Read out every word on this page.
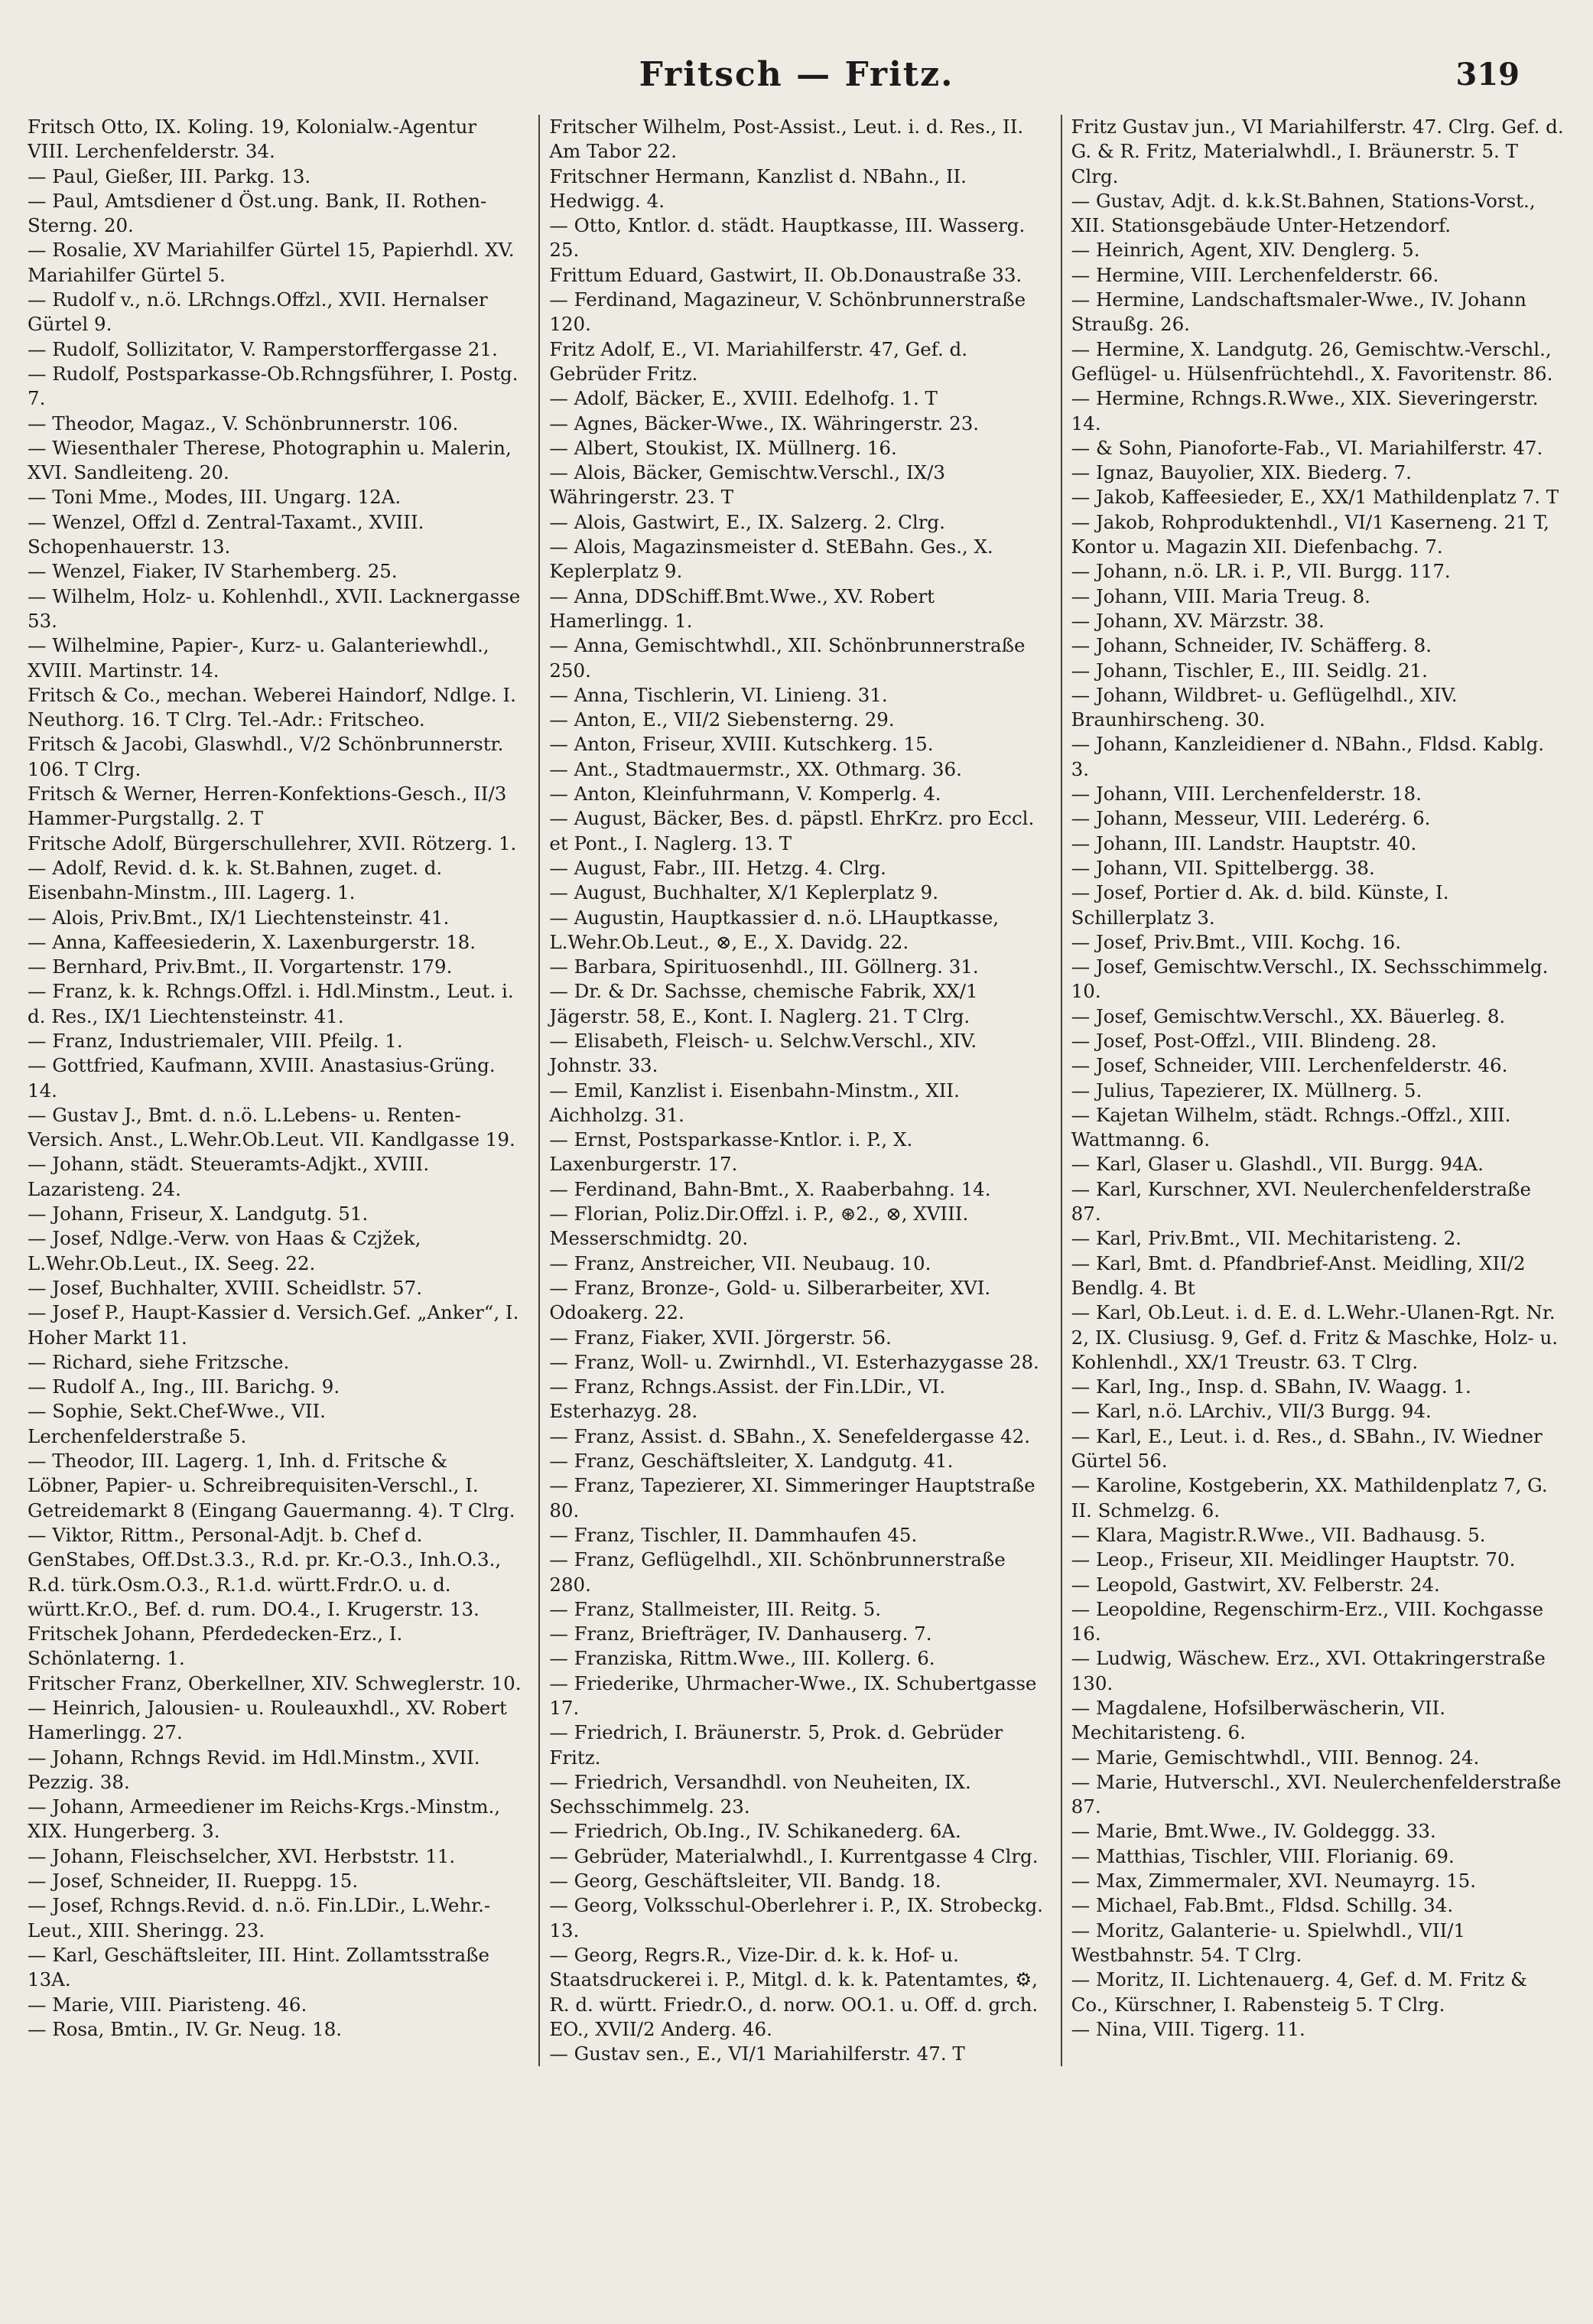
Fritsch — Fritz.	319
Fritsch Otto, IX. Koling. 19, Kolonialw.-Agentur VIII. Lerchenfelderstr. 34.
— Paul, Gießer, III. Parkg. 13.
— Paul, Amtsdiener d Öst.ung. Bank, II. Rothen-Sterng. 20.
— Rosalie, XV Mariahilfer Gürtel 15, Papierhdl. XV. Mariahilfer Gürtel 5.
— Rudolf v., n.ö. LRchngs.Offzl., XVII. Hernalser Gürtel 9.
— Rudolf, Sollizitator, V. Ramperstorffergasse 21.
— Rudolf, Postsparkasse-Ob.Rchngsführer, I. Postg. 7.
— Theodor, Magaz., V. Schönbrunnerstr. 106.
— Wiesenthaler Therese, Photographin u. Malerin, XVI. Sandleiteng. 20.
— Toni Mme., Modes, III. Ungarg. 12A.
— Wenzel, Offzl d. Zentral-Taxamt., XVIII. Schopenhauerstr. 13.
— Wenzel, Fiaker, IV Starhemberg. 25.
— Wilhelm, Holz- u. Kohlenhdl., XVII. Lacknergasse 53.
— Wilhelmine, Papier-, Kurz- u. Galanteriewhdl., XVIII. Martinstr. 14.
Fritsch & Co., mechan. Weberei Haindorf, Ndlge. I. Neuthorg. 16. T Clrg. Tel.-Adr.: Fritscheo.
Fritsch & Jacobi, Glaswhdl., V/2 Schönbrunnerstr. 106. T Clrg.
Fritsch & Werner, Herren-Konfektions-Gesch., II/3 Hammer-Purgstallg. 2. T
Fritsche Adolf, Bürgerschullehrer, XVII. Rötzerg. 1.
— Adolf, Revid. d. k. k. St.Bahnen, zuget. d. Eisenbahn-Minstm., III. Lagerg. 1.
— Alois, Priv.Bmt., IX/1 Liechtensteinstr. 41.
— Anna, Kaffeesiederin, X. Laxenburgerstr. 18.
— Bernhard, Priv.Bmt., II. Vorgartenstr. 179.
— Franz, k. k. Rchngs.Offzl. i. Hdl.Minstm., Leut. i. d. Res., IX/1 Liechtensteinstr. 41.
— Franz, Industriemaler, VIII. Pfeilg. 1.
— Gottfried, Kaufmann, XVIII. Anastasius-Grüng. 14.
— Gustav J., Bmt. d. n.ö. L.Lebens- u. Renten-Versich. Anst., L.Wehr.Ob.Leut. VII. Kandlgasse 19.
— Johann, städt. Steueramts-Adjkt., XVIII. Lazaristeng. 24.
— Johann, Friseur, X. Landgutg. 51.
— Josef, Ndlge.-Verw. von Haas & Czjžek, L.Wehr.Ob.Leut., IX. Seeg. 22.
— Josef, Buchhalter, XVIII. Scheidlstr. 57.
— Josef P., Haupt-Kassier d. Versich.Gef. „Anker“, I. Hoher Markt 11.
— Richard, siehe Fritzsche.
— Rudolf A., Ing., III. Barichg. 9.
— Sophie, Sekt.Chef-Wwe., VII. Lerchenfelderstraße 5.
— Theodor, III. Lagerg. 1, Inh. d. Fritsche & Löbner, Papier- u. Schreibrequisiten-Verschl., I. Getreidemarkt 8 (Eingang Gauermanng. 4). T Clrg.
— Viktor, Rittm., Personal-Adjt. b. Chef d. GenStabes, Off.Dst.3.3., R.d. pr. Kr.-O.3., Inh.O.3., R.d. türk.Osm.O.3., R.1.d. württ.Frdr.O. u. d. württ.Kr.O., Bef. d. rum. DO.4., I. Krugerstr. 13.
Fritschek Johann, Pferdedecken-Erz., I. Schönlaterng. 1.
Fritscher Franz, Oberkellner, XIV. Schweglerstr. 10.
— Heinrich, Jalousien- u. Rouleauxhdl., XV. Robert Hamerlingg. 27.
— Johann, Rchngs Revid. im Hdl.Minstm., XVII. Pezzig. 38.
— Johann, Armeediener im Reichs-Krgs.-Minstm., XIX. Hungerberg. 3.
— Johann, Fleischselcher, XVI. Herbststr. 11.
— Josef, Schneider, II. Rueppg. 15.
— Josef, Rchngs.Revid. d. n.ö. Fin.LDir., L.Wehr.-Leut., XIII. Sheringg. 23.
— Karl, Geschäftsleiter, III. Hint. Zollamtsstraße 13A.
— Marie, VIII. Piaristeng. 46.
— Rosa, Bmtin., IV. Gr. Neug. 18.
Fritscher Wilhelm, Post-Assist., Leut. i. d. Res., II. Am Tabor 22.
Fritschner Hermann, Kanzlist d. NBahn., II. Hedwigg. 4.
— Otto, Kntlor. d. städt. Hauptkasse, III. Wasserg. 25.
Frittum Eduard, Gastwirt, II. Ob.Donaustraße 33.
— Ferdinand, Magazineur, V. Schönbrunnerstraße 120.
Fritz Adolf, E., VI. Mariahilferstr. 47, Gef. d. Gebrüder Fritz.
— Adolf, Bäcker, E., XVIII. Edelhofg. 1. T
— Agnes, Bäcker-Wwe., IX. Währingerstr. 23.
— Albert, Stoukist, IX. Müllnerg. 16.
— Alois, Bäcker, Gemischtw.Verschl., IX/3 Währingerstr. 23. T
— Alois, Gastwirt, E., IX. Salzerg. 2. Clrg.
— Alois, Magazinsmeister d. StEBahn. Ges., X. Keplerplatz 9.
— Anna, DDSchiff.Bmt.Wwe., XV. Robert Hamerlingg. 1.
— Anna, Gemischtwhdl., XII. Schönbrunnerstraße 250.
— Anna, Tischlerin, VI. Linieng. 31.
— Anton, E., VII/2 Siebensterng. 29.
— Anton, Friseur, XVIII. Kutschkerg. 15.
— Ant., Stadtmauermstr., XX. Othmarg. 36.
— Anton, Kleinfuhrmann, V. Komperlg. 4.
— August, Bäcker, Bes. d. päpstl. EhrKrz. pro Eccl. et Pont., I. Naglerg. 13. T
— August, Fabr., III. Hetzg. 4. Clrg.
— August, Buchhalter, X/1 Keplerplatz 9.
— Augustin, Hauptkassier d. n.ö. LHauptkasse, L.Wehr.Ob.Leut., ⊗, E., X. Davidg. 22.
— Barbara, Spirituosenhdl., III. Göllnerg. 31.
— Dr. & Dr. Sachsse, chemische Fabrik, XX/1 Jägerstr. 58, E., Kont. I. Naglerg. 21. T Clrg.
— Elisabeth, Fleisch- u. Selchw.Verschl., XIV. Johnstr. 33.
— Emil, Kanzlist i. Eisenbahn-Minstm., XII. Aichholzg. 31.
— Ernst, Postsparkasse-Kntlor. i. P., X. Laxenburgerstr. 17.
— Ferdinand, Bahn-Bmt., X. Raaberbahng. 14.
— Florian, Poliz.Dir.Offzl. i. P., ⊛2., ⊗, XVIII. Messerschmidtg. 20.
— Franz, Anstreicher, VII. Neubaug. 10.
— Franz, Bronze-, Gold- u. Silberarbeiter, XVI. Odoakerg. 22.
— Franz, Fiaker, XVII. Jörgerstr. 56.
— Franz, Woll- u. Zwirnhdl., VI. Esterhazygasse 28.
— Franz, Rchngs.Assist. der Fin.LDir., VI. Esterhazyg. 28.
— Franz, Assist. d. SBahn., X. Senefeldergasse 42.
— Franz, Geschäftsleiter, X. Landgutg. 41.
— Franz, Tapezierer, XI. Simmeringer Hauptstraße 80.
— Franz, Tischler, II. Dammhaufen 45.
— Franz, Geflügelhdl., XII. Schönbrunnerstraße 280.
— Franz, Stallmeister, III. Reitg. 5.
— Franz, Briefträger, IV. Danhauserg. 7.
— Franziska, Rittm.Wwe., III. Kollerg. 6.
— Friederike, Uhrmacher-Wwe., IX. Schubertgasse 17.
— Friedrich, I. Bräunerstr. 5, Prok. d. Gebrüder Fritz.
— Friedrich, Versandhdl. von Neuheiten, IX. Sechsschimmelg. 23.
— Friedrich, Ob.Ing., IV. Schikanederg. 6A.
— Gebrüder, Materialwhdl., I. Kurrentgasse 4 Clrg.
— Georg, Geschäftsleiter, VII. Bandg. 18.
— Georg, Volksschul-Oberlehrer i. P., IX. Strobeckg. 13.
— Georg, Regrs.R., Vize-Dir. d. k. k. Hof- u. Staatsdruckerei i. P., Mitgl. d. k. k. Patentamtes, ⚙, R. d. württ. Friedr.O., d. norw. OO.1. u. Off. d. grch. EO., XVII/2 Anderg. 46.
— Gustav sen., E., VI/1 Mariahilferstr. 47. T
Fritz Gustav jun., VI Mariahilferstr. 47. Clrg. Gef. d. G. & R. Fritz, Materialwhdl., I. Bräunerstr. 5. T Clrg.
— Gustav, Adjt. d. k.k.St.Bahnen, Stations-Vorst., XII. Stationsgebäude Unter-Hetzendorf.
— Heinrich, Agent, XIV. Denglerg. 5.
— Hermine, VIII. Lerchenfelderstr. 66.
— Hermine, Landschaftsmaler-Wwe., IV. Johann Straußg. 26.
— Hermine, X. Landgutg. 26, Gemischtw.-Verschl., Geflügel- u. Hülsenfrüchtehdl., X. Favoritenstr. 86.
— Hermine, Rchngs.R.Wwe., XIX. Sieveringerstr. 14.
— & Sohn, Pianoforte-Fab., VI. Mariahilferstr. 47.
— Ignaz, Bauyolier, XIX. Biederg. 7.
— Jakob, Kaffeesieder, E., XX/1 Mathildenplatz 7. T
— Jakob, Rohproduktenhdl., VI/1 Kaserneng. 21 T, Kontor u. Magazin XII. Diefenbachg. 7.
— Johann, n.ö. LR. i. P., VII. Burgg. 117.
— Johann, VIII. Maria Treug. 8.
— Johann, XV. Märzstr. 38.
— Johann, Schneider, IV. Schäfferg. 8.
— Johann, Tischler, E., III. Seidlg. 21.
— Johann, Wildbret- u. Geflügelhdl., XIV. Braunhirscheng. 30.
— Johann, Kanzleidiener d. NBahn., Fldsd. Kablg. 3.
— Johann, VIII. Lerchenfelderstr. 18.
— Johann, Messeur, VIII. Lederérg. 6.
— Johann, III. Landstr. Hauptstr. 40.
— Johann, VII. Spittelbergg. 38.
— Josef, Portier d. Ak. d. bild. Künste, I. Schillerplatz 3.
— Josef, Priv.Bmt., VIII. Kochg. 16.
— Josef, Gemischtw.Verschl., IX. Sechsschimmelg. 10.
— Josef, Gemischtw.Verschl., XX. Bäuerleg. 8.
— Josef, Post-Offzl., VIII. Blindeng. 28.
— Josef, Schneider, VIII. Lerchenfelderstr. 46.
— Julius, Tapezierer, IX. Müllnerg. 5.
— Kajetan Wilhelm, städt. Rchngs.-Offzl., XIII. Wattmanng. 6.
— Karl, Glaser u. Glashdl., VII. Burgg. 94A.
— Karl, Kurschner, XVI. Neulerchenfelderstraße 87.
— Karl, Priv.Bmt., VII. Mechitaristeng. 2.
— Karl, Bmt. d. Pfandbrief-Anst. Meidling, XII/2 Bendlg. 4. Bt
— Karl, Ob.Leut. i. d. E. d. L.Wehr.-Ulanen-Rgt. Nr. 2, IX. Clusiusg. 9, Gef. d. Fritz & Maschke, Holz- u. Kohlenhdl., XX/1 Treustr. 63. T Clrg.
— Karl, Ing., Insp. d. SBahn, IV. Waagg. 1.
— Karl, n.ö. LArchiv., VII/3 Burgg. 94.
— Karl, E., Leut. i. d. Res., d. SBahn., IV. Wiedner Gürtel 56.
— Karoline, Kostgeberin, XX. Mathildenplatz 7, G. II. Schmelzg. 6.
— Klara, Magistr.R.Wwe., VII. Badhausg. 5.
— Leop., Friseur, XII. Meidlinger Hauptstr. 70.
— Leopold, Gastwirt, XV. Felberstr. 24.
— Leopoldine, Regenschirm-Erz., VIII. Kochgasse 16.
— Ludwig, Wäschew. Erz., XVI. Ottakringerstraße 130.
— Magdalene, Hofsilberwäscherin, VII. Mechitaristeng. 6.
— Marie, Gemischtwhdl., VIII. Bennog. 24.
— Marie, Hutverschl., XVI. Neulerchenfelderstraße 87.
— Marie, Bmt.Wwe., IV. Goldeggg. 33.
— Matthias, Tischler, VIII. Florianig. 69.
— Max, Zimmermaler, XVI. Neumayrg. 15.
— Michael, Fab.Bmt., Fldsd. Schillg. 34.
— Moritz, Galanterie- u. Spielwhdl., VII/1 Westbahnstr. 54. T Clrg.
— Moritz, II. Lichtenauerg. 4, Gef. d. M. Fritz & Co., Kürschner, I. Rabensteig 5. T Clrg.
— Nina, VIII. Tigerg. 11.
